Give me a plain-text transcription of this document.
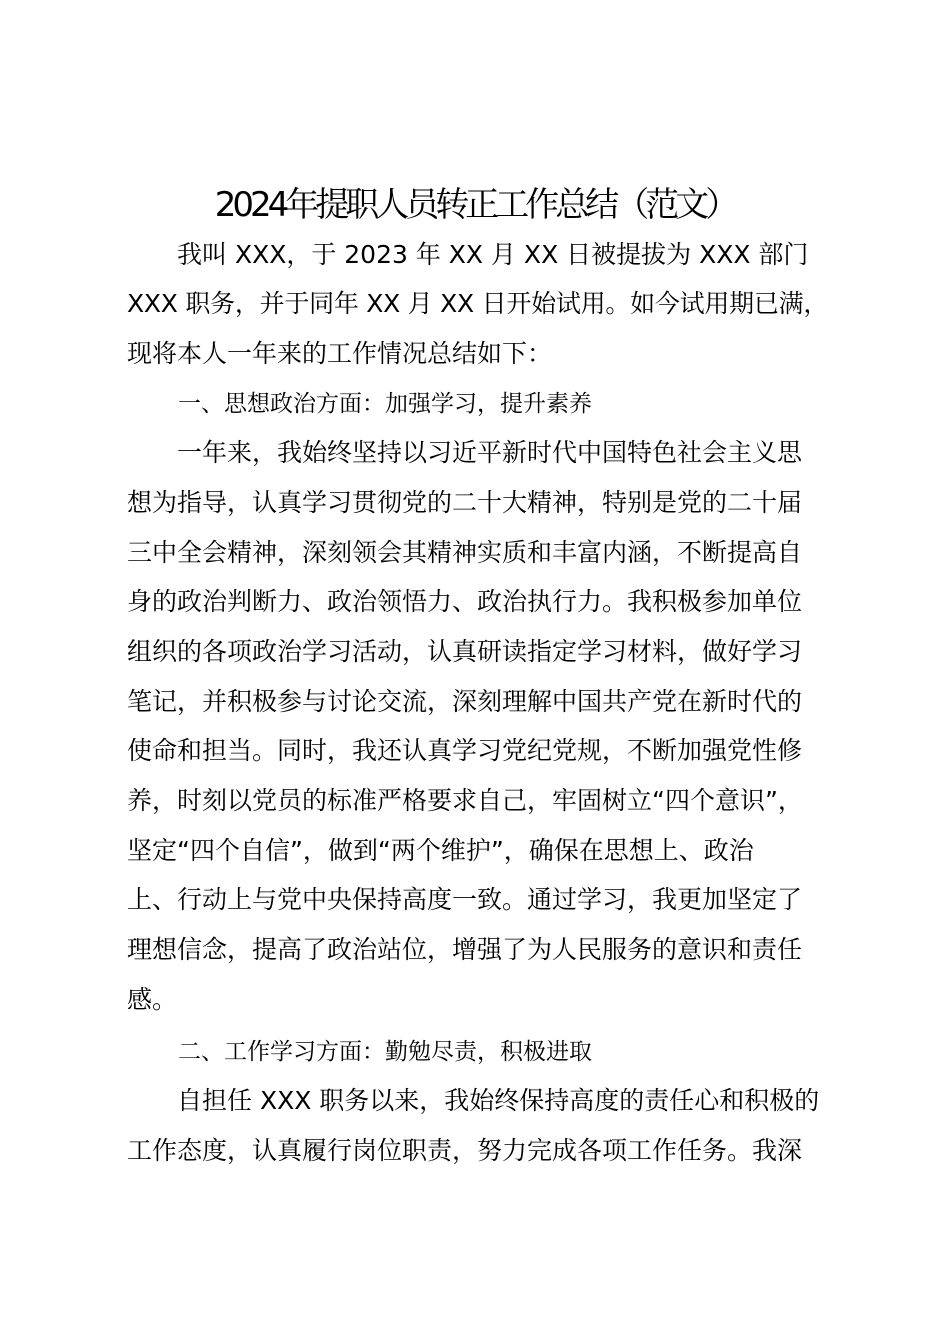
2024年提职人员转正工作总结（范文）
　　我叫 XXX，于 2023 年 XX 月 XX 日被提拔为 XXX 部门
XXX 职务，并于同年 XX 月 XX 日开始试用。如今试用期已满，
现将本人一年来的工作情况总结如下：
一、思想政治方面：加强学习，提升素养
　　一年来，我始终坚持以习近平新时代中国特色社会主义思
想为指导，认真学习贯彻党的二十大精神，特别是党的二十届
三中全会精神，深刻领会其精神实质和丰富内涵，不断提高自
身的政治判断力、政治领悟力、政治执行力。我积极参加单位
组织的各项政治学习活动，认真研读指定学习材料，做好学习
笔记，并积极参与讨论交流，深刻理解中国共产党在新时代的
使命和担当。同时，我还认真学习党纪党规，不断加强党性修
养，时刻以党员的标准严格要求自己，牢固树立“四个意识”，
坚定“四个自信”，做到“两个维护”，确保在思想上、政治
上、行动上与党中央保持高度一致。通过学习，我更加坚定了
理想信念，提高了政治站位，增强了为人民服务的意识和责任
感。
二、工作学习方面：勤勉尽责，积极进取
　　自担任 XXX 职务以来，我始终保持高度的责任心和积极的
工作态度，认真履行岗位职责，努力完成各项工作任务。我深
